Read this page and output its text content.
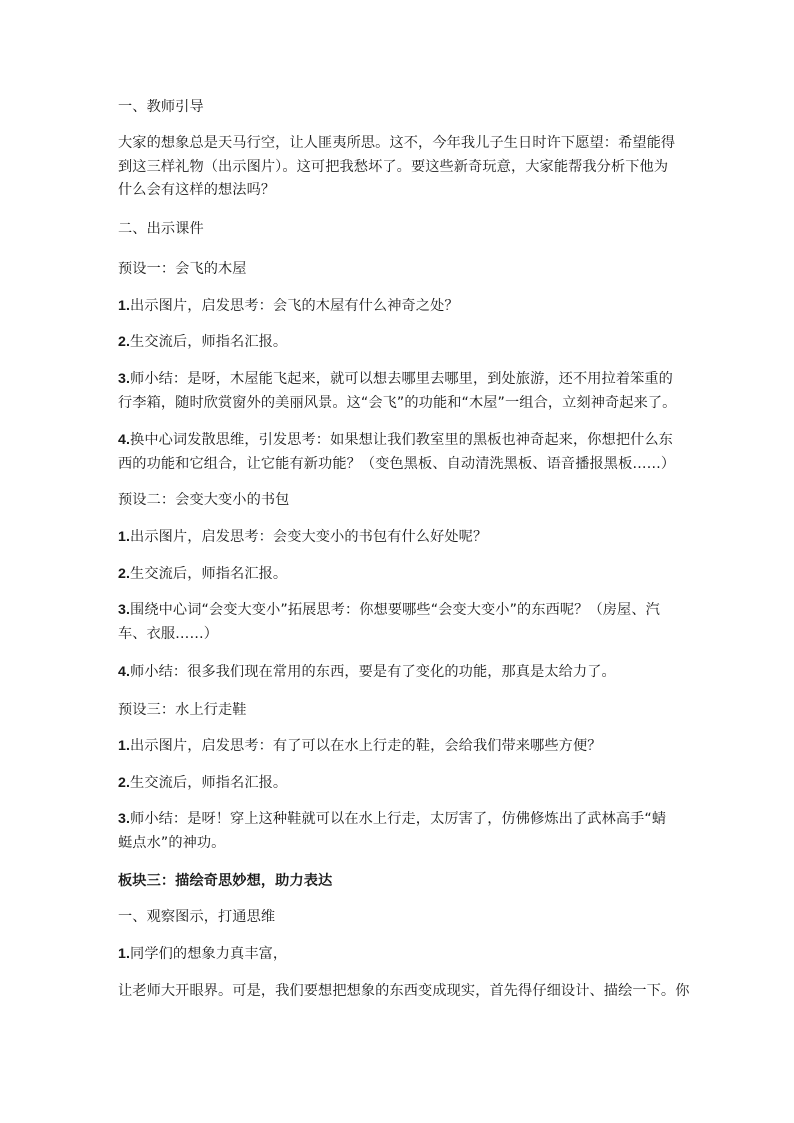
一、教师引导

大家的想象总是天马行空，让人匪夷所思。这不，今年我儿子生日时许下愿望：希望能得到这三样礼物（出示图片）。这可把我愁坏了。要这些新奇玩意，大家能帮我分析下他为什么会有这样的想法吗？

二、出示课件

预设一：会飞的木屋

1.出示图片，启发思考：会飞的木屋有什么神奇之处？

2.生交流后，师指名汇报。

3.师小结：是呀，木屋能飞起来，就可以想去哪里去哪里，到处旅游，还不用拉着笨重的行李箱，随时欣赏窗外的美丽风景。这“会飞”的功能和“木屋”一组合，立刻神奇起来了。

4.换中心词发散思维，引发思考：如果想让我们教室里的黑板也神奇起来，你想把什么东西的功能和它组合，让它能有新功能？（变色黑板、自动清洗黑板、语音播报黑板……）

预设二：会变大变小的书包

1.出示图片，启发思考：会变大变小的书包有什么好处呢？

2.生交流后，师指名汇报。

3.围绕中心词“会变大变小”拓展思考：你想要哪些“会变大变小”的东西呢？（房屋、汽车、衣服……）

4.师小结：很多我们现在常用的东西，要是有了变化的功能，那真是太给力了。

预设三：水上行走鞋

1.出示图片，启发思考：有了可以在水上行走的鞋，会给我们带来哪些方便？

2.生交流后，师指名汇报。

3.师小结：是呀！穿上这种鞋就可以在水上行走，太厉害了，仿佛修炼出了武林高手“蜻蜓点水”的神功。

板块三：描绘奇思妙想，助力表达

一、观察图示，打通思维

1.同学们的想象力真丰富，

让老师大开眼界。可是，我们要想把想象的东西变成现实，首先得仔细设计、描绘一下。你
